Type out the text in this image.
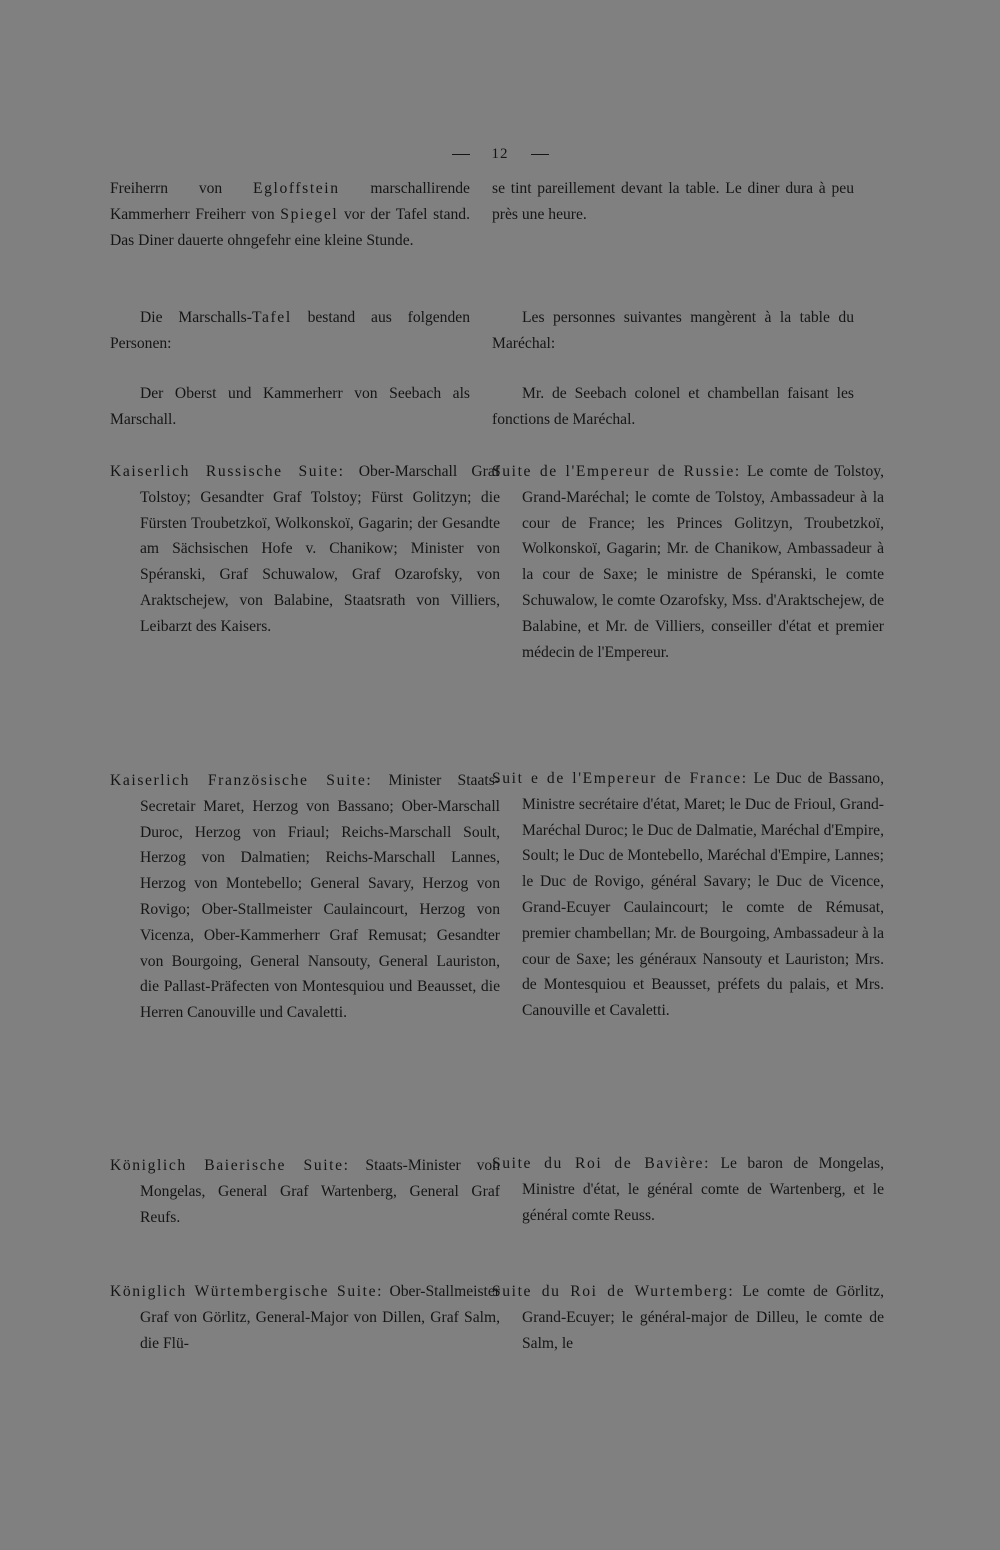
12
Freiherrn von Egloffstein marschallirende Kammerherr Freiherr von Spiegel vor der Tafel stand. Das Diner dauerte ohngefehr eine kleine Stunde.
Die Marschalls-Tafel bestand aus folgenden Personen:
Der Oberst und Kammerherr von Seebach als Marschall.
Kaiserlich Russische Suite: Ober-Marschall Graf Tolstoy; Gesandter Graf Tolstoy; Fürst Golitzyn; die Fürsten Troubetzkoï, Wolkonskoï, Gagarin; der Gesandte am Sächsischen Hofe v. Chanikow; Minister von Spéranski, Graf Schuwalow, Graf Ozarofsky, von Araktschejew, von Balabine, Staatsrath von Villiers, Leibarzt des Kaisers.
Kaiserlich Französische Suite: Minister Staats-Secretair Maret, Herzog von Bassano; Ober-Marschall Duroc, Herzog von Friaul; Reichs-Marschall Soult, Herzog von Dalmatien; Reichs-Marschall Lannes, Herzog von Montebello; General Savary, Herzog von Rovigo; Ober-Stallmeister Caulaincourt, Herzog von Vicenza, Ober-Kammerherr Graf Remusat; Gesandter von Bourgoing, General Nansouty, General Lauriston, die Pallast-Präfecten von Montesquiou und Beausset, die Herren Canouville und Cavaletti.
Königlich Baierische Suite: Staats-Minister von Mongelas, General Graf Wartenberg, General Graf Reufs.
Königlich Würtembergische Suite: Ober-Stallmeister Graf von Görlitz, General-Major von Dillen, Graf Salm, die Flü-
se tint pareillement devant la table. Le diner dura à peu près une heure.
Les personnes suivantes mangèrent à la table du Maréchal:
Mr. de Seebach colonel et chambellan faisant les fonctions de Maréchal.
Suite de l'Empereur de Russie: Le comte de Tolstoy, Grand-Maréchal; le comte de Tolstoy, Ambassadeur à la cour de France; les Princes Golitzyn, Troubetzkoï, Wolkonskoï, Gagarin; Mr. de Chanikow, Ambassadeur à la cour de Saxe; le ministre de Spéranski, le comte Schuwalow, le comte Ozarofsky, Mss. d'Araktschejew, de Balabine, et Mr. de Villiers, conseiller d'état et premier médecin de l'Empereur.
Suit e de l'Empereur de France: Le Duc de Bassano, Ministre secrétaire d'état, Maret; le Duc de Frioul, Grand-Maréchal Duroc; le Duc de Dalmatie, Maréchal d'Empire, Soult; le Duc de Montebello, Maréchal d'Empire, Lannes; le Duc de Rovigo, général Savary; le Duc de Vicence, Grand-Ecuyer Caulaincourt; le comte de Rémusat, premier chambellan; Mr. de Bourgoing, Ambassadeur à la cour de Saxe; les généraux Nansouty et Lauriston; Mrs. de Montesquiou et Beausset, préfets du palais, et Mrs. Canouville et Cavaletti.
Suite du Roi de Bavière: Le baron de Mongelas, Ministre d'état, le général comte de Wartenberg, et le général comte Reuss.
Suite du Roi de Wurtemberg: Le comte de Görlitz, Grand-Ecuyer; le général-major de Dilleu, le comte de Salm, le
